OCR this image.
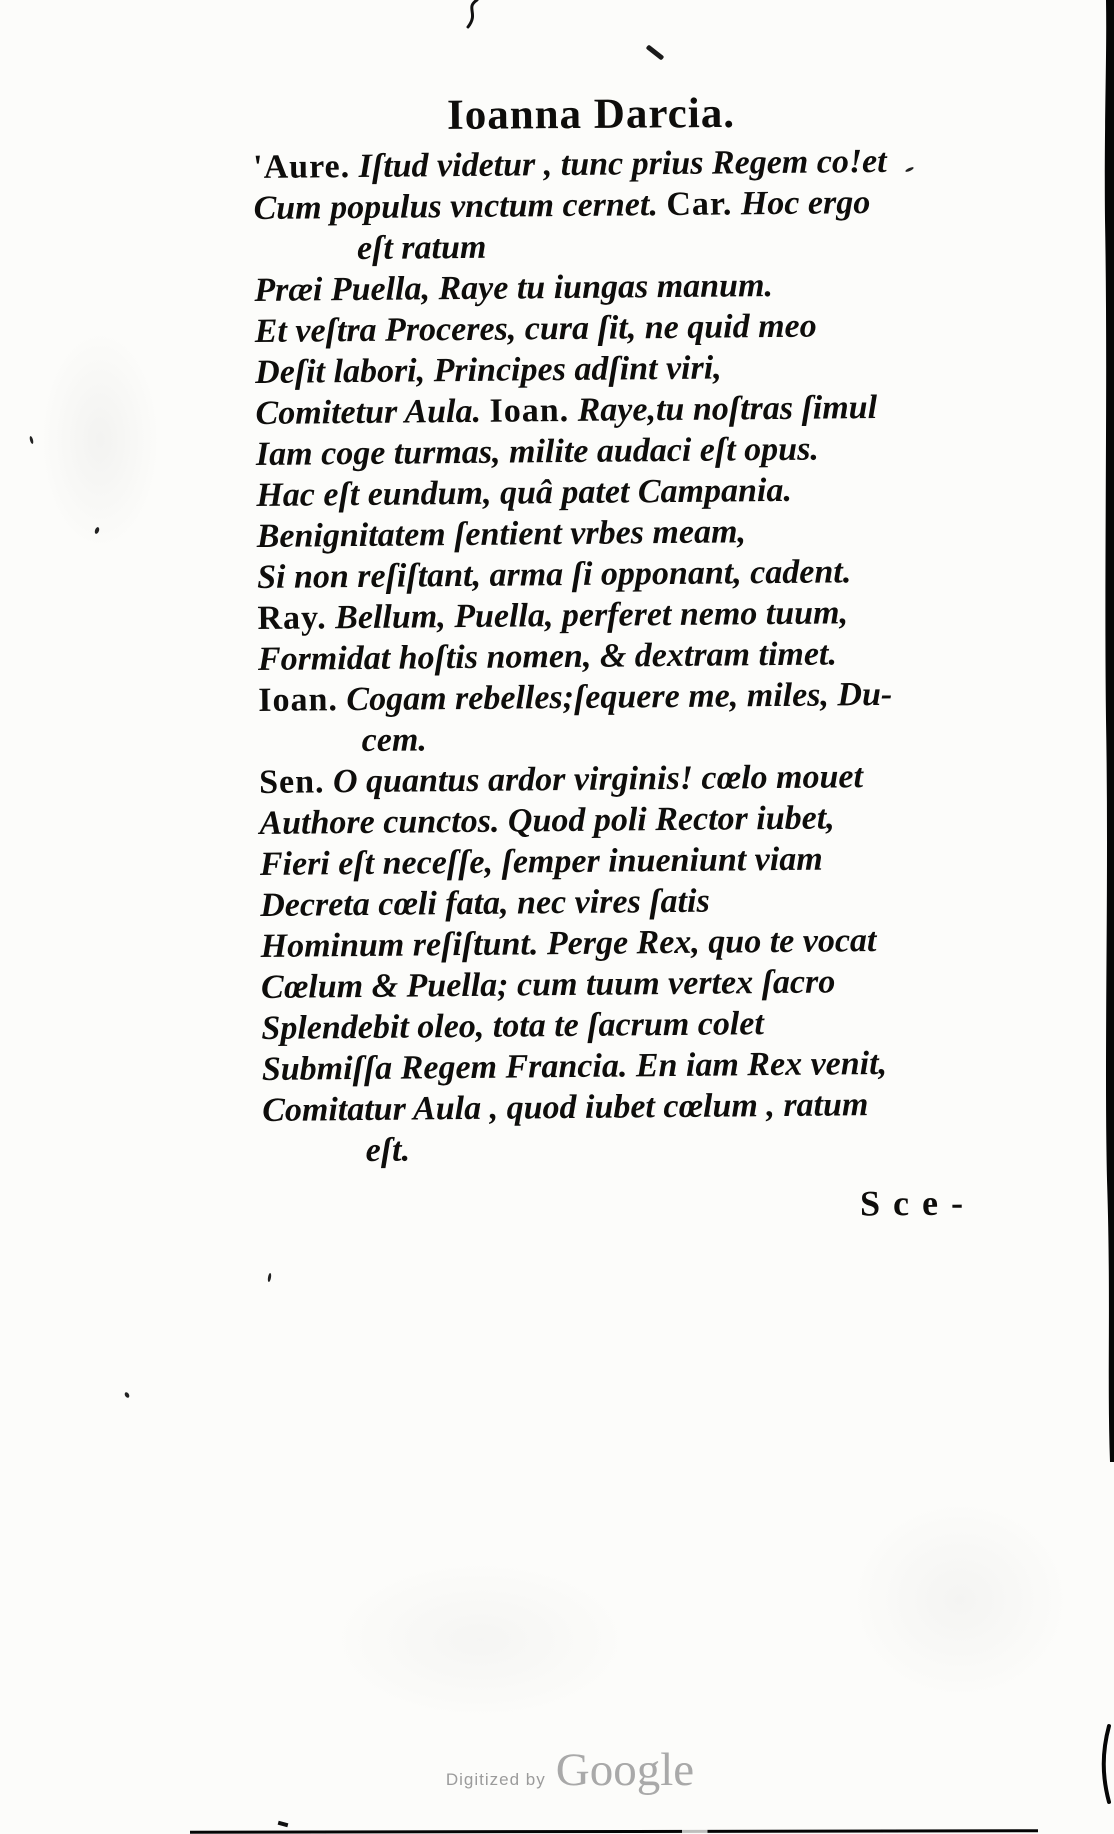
Ioanna Darcia.
'Aure. Iſtud videtur , tunc prius Regem co!et
Cum populus vnctum cernet. Car. Hoc ergo
eſt ratum
Præi Puella, Raye tu iungas manum.
Et veſtra Proceres, cura ſit, ne quid meo
Deſit labori, Principes adſint viri,
Comitetur Aula. Ioan. Raye,tu noſtras ſimul
Iam coge turmas, milite audaci eſt opus.
Hac eſt eundum, quâ patet Campania.
Benignitatem ſentient vrbes meam,
Si non reſiſtant, arma ſi opponant, cadent.
Ray. Bellum, Puella, perferet nemo tuum,
Formidat hoſtis nomen, & dextram timet.
Ioan. Cogam rebelles;ſequere me, miles, Du-
cem.
Sen. O quantus ardor virginis! cœlo mouet
Authore cunctos. Quod poli Rector iubet,
Fieri eſt neceſſe, ſemper inueniunt viam
Decreta cœli fata, nec vires ſatis
Hominum reſiſtunt. Perge Rex, quo te vocat
Cœlum & Puella; cum tuum vertex ſacro
Splendebit oleo, tota te ſacrum colet
Submiſſa Regem Francia. En iam Rex venit,
Comitatur Aula , quod iubet cœlum , ratum
eſt.
Sce-
Digitized by Google
